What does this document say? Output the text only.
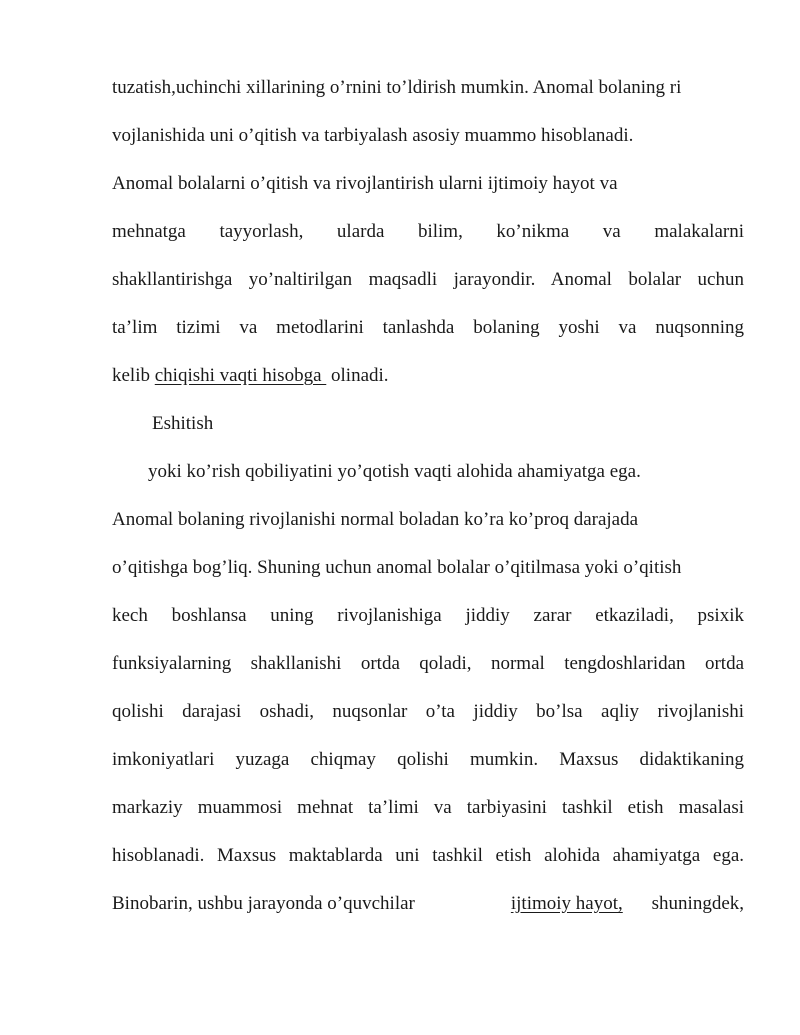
tuzatish,uchinchi xillarining o’rnini to’ldirish mumkin. Anomal bolaning ri
vojlanishida uni o’qitish va tarbiyalash asosiy muammo hisoblanadi.
Anomal bolalarni o’qitish va rivojlantirish ularni ijtimoiy hayot va
mehnatga tayyorlash, ularda bilim, ko’nikma va malakalarni
shakllantirishga yo’naltirilgan maqsadli jarayondir. Anomal bolalar uchun
ta’lim tizimi va metodlarini tanlashda bolaning yoshi va nuqsonning
kelib chiqishi vaqti hisobga  olinadi.
Eshitish
yoki ko’rish qobiliyatini yo’qotish vaqti alohida ahamiyatga ega.
Anomal bolaning rivojlanishi normal boladan ko’ra ko’proq darajada
o’qitishga bog’liq. Shuning uchun anomal bolalar o’qitilmasa yoki o’qitish
kech boshlansa uning rivojlanishiga jiddiy zarar etkaziladi, psixik
funksiyalarning shakllanishi ortda qoladi, normal tengdoshlaridan ortda
qolishi darajasi oshadi, nuqsonlar o’ta jiddiy bo’lsa aqliy rivojlanishi
imkoniyatlari yuzaga chiqmay qolishi mumkin. Maxsus didaktikaning
markaziy muammosi mehnat ta’limi va tarbiyasini tashkil etish masalasi
hisoblanadi. Maxsus maktablarda uni tashkil etish alohida ahamiyatga ega.
Binobarin, ushbu jarayonda o’quvchilar	ijtimoiy hayot, shuningdek,
